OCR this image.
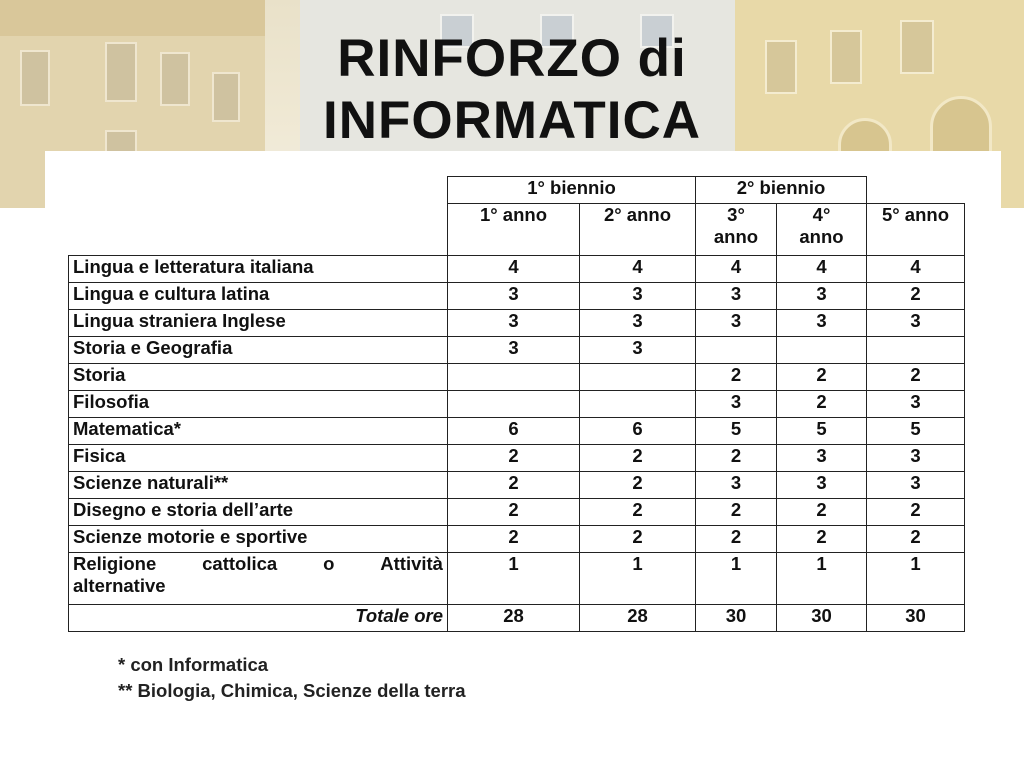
RINFORZO di
INFORMATICA
	1° biennio		2° biennio		
	1° anno	2° anno	3° anno	4° anno	5° anno
Lingua e letteratura italiana	4	4	4	4	4
Lingua e cultura latina	3	3	3	3	2
Lingua straniera Inglese	3	3	3	3	3
Storia e Geografia	3	3			
Storia			2	2	2
Filosofia			3	2	3
Matematica*	6	6	5	5	5
Fisica	2	2	2	3	3
Scienze naturali**	2	2	3	3	3
Disegno e storia dell’arte	2	2	2	2	2
Scienze motorie e sportive	2	2	2	2	2

Religione cattolica o Attività
alternative	1	1	1	1	1
Totale ore	28	28	30	30	30
* con Informatica
** Biologia, Chimica, Scienze della terra
